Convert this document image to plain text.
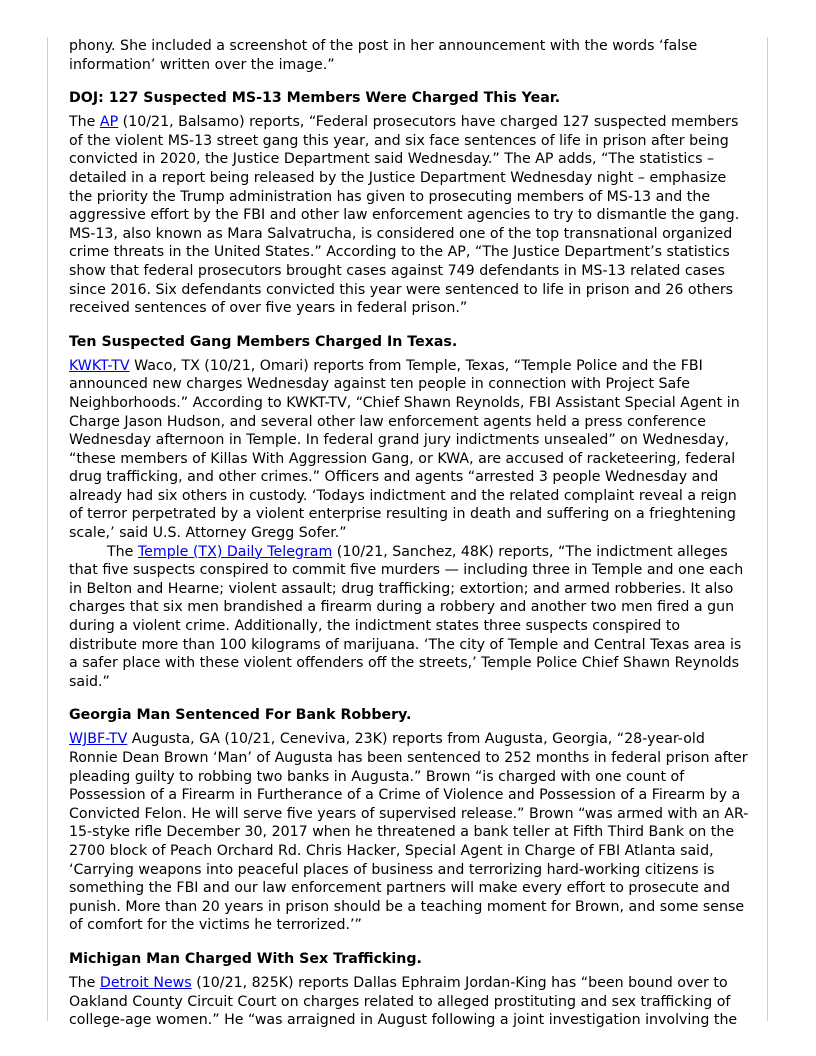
phony. She included a screenshot of the post in her announcement with the words ‘false information’ written over the image.”

DOJ: 127 Suspected MS-13 Members Were Charged This Year.

The AP (10/21, Balsamo) reports, “Federal prosecutors have charged 127 suspected members of the violent MS-13 street gang this year, and six face sentences of life in prison after being convicted in 2020, the Justice Department said Wednesday.” The AP adds, “The statistics – detailed in a report being released by the Justice Department Wednesday night – emphasize the priority the Trump administration has given to prosecuting members of MS-13 and the aggressive effort by the FBI and other law enforcement agencies to try to dismantle the gang. MS-13, also known as Mara Salvatrucha, is considered one of the top transnational organized crime threats in the United States.” According to the AP, “The Justice Department’s statistics show that federal prosecutors brought cases against 749 defendants in MS-13 related cases since 2016. Six defendants convicted this year were sentenced to life in prison and 26 others received sentences of over five years in federal prison.”

Ten Suspected Gang Members Charged In Texas.

KWKT-TV Waco, TX (10/21, Omari) reports from Temple, Texas, “Temple Police and the FBI announced new charges Wednesday against ten people in connection with Project Safe Neighborhoods.” According to KWKT-TV, “Chief Shawn Reynolds, FBI Assistant Special Agent in Charge Jason Hudson, and several other law enforcement agents held a press conference Wednesday afternoon in Temple. In federal grand jury indictments unsealed” on Wednesday, “these members of Killas With Aggression Gang, or KWA, are accused of racketeering, federal drug trafficking, and other crimes.” Officers and agents “arrested 3 people Wednesday and already had six others in custody. ‘Todays indictment and the related complaint reveal a reign of terror perpetrated by a violent enterprise resulting in death and suffering on a frieghtening scale,’ said U.S. Attorney Gregg Sofer.”

The Temple (TX) Daily Telegram (10/21, Sanchez, 48K) reports, “The indictment alleges that five suspects conspired to commit five murders — including three in Temple and one each in Belton and Hearne; violent assault; drug trafficking; extortion; and armed robberies. It also charges that six men brandished a firearm during a robbery and another two men fired a gun during a violent crime. Additionally, the indictment states three suspects conspired to distribute more than 100 kilograms of marijuana. ‘The city of Temple and Central Texas area is a safer place with these violent offenders off the streets,’ Temple Police Chief Shawn Reynolds said.”

Georgia Man Sentenced For Bank Robbery.

WJBF-TV Augusta, GA (10/21, Ceneviva, 23K) reports from Augusta, Georgia, “28-year-old Ronnie Dean Brown ‘Man’ of Augusta has been sentenced to 252 months in federal prison after pleading guilty to robbing two banks in Augusta.” Brown “is charged with one count of Possession of a Firearm in Furtherance of a Crime of Violence and Possession of a Firearm by a Convicted Felon. He will serve five years of supervised release.” Brown “was armed with an AR-15-styke rifle December 30, 2017 when he threatened a bank teller at Fifth Third Bank on the 2700 block of Peach Orchard Rd. Chris Hacker, Special Agent in Charge of FBI Atlanta said, ‘Carrying weapons into peaceful places of business and terrorizing hard-working citizens is something the FBI and our law enforcement partners will make every effort to prosecute and punish. More than 20 years in prison should be a teaching moment for Brown, and some sense of comfort for the victims he terrorized.’”

Michigan Man Charged With Sex Trafficking.

The Detroit News (10/21, 825K) reports Dallas Ephraim Jordan-King has “been bound over to Oakland County Circuit Court on charges related to alleged prostituting and sex trafficking of college-age women.” He “was arraigned in August following a joint investigation involving the
